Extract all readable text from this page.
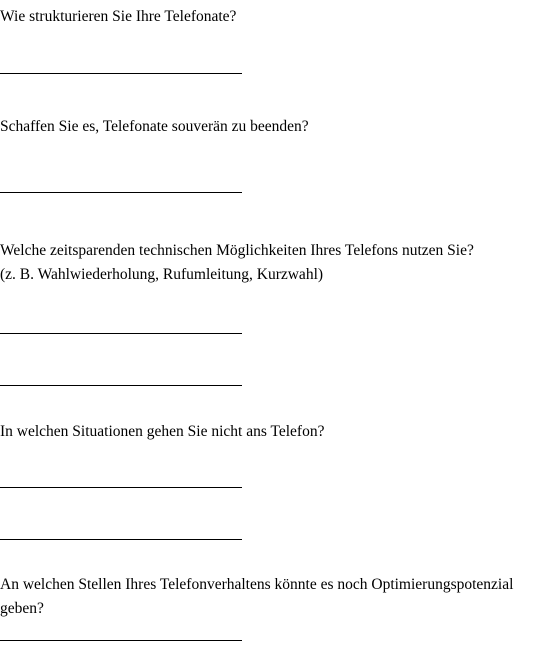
Wie strukturieren Sie Ihre Telefonate?
Schaffen Sie es, Telefonate souverän zu beenden?
Welche zeitsparenden technischen Möglichkeiten Ihres Telefons nutzen Sie?
(z. B. Wahlwiederholung, Rufumleitung, Kurzwahl)
In welchen Situationen gehen Sie nicht ans Telefon?
An welchen Stellen Ihres Telefonverhaltens könnte es noch Optimierungspotenzial
geben?
